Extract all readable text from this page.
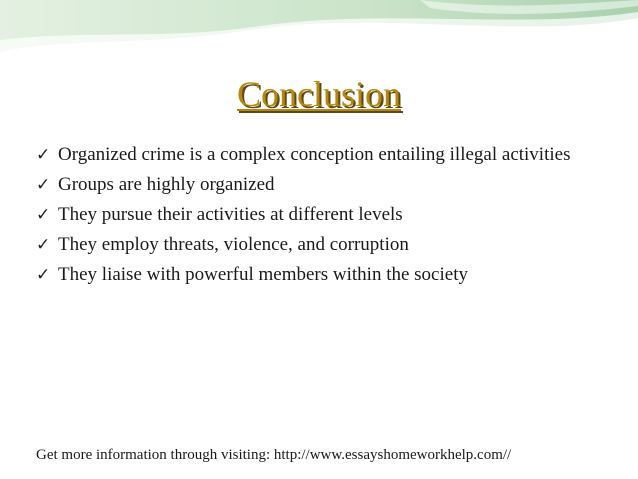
Conclusion
✓ Organized crime is a complex conception entailing illegal activities
✓ Groups are highly organized
✓ They pursue their activities at different levels
✓ They employ threats, violence, and corruption
✓ They liaise with powerful members within the society
Get more information through visiting: http://www.essayshomeworkhelp.com//
